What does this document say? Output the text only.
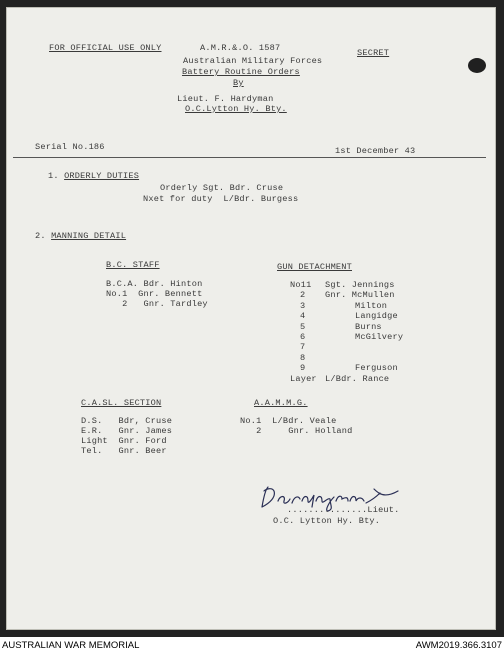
FOR OFFICIAL USE ONLY	A.M.R.&.O. 1587	SECRET
Australian Military Forces
Battery Routine Orders
By
Lieut. F. Hardyman
O.C.Lytton Hy. Bty.
Serial No.186	1st December 43
1. ORDERLY DUTIES
Orderly Sgt. Bdr. Cruse
Nxet for duty  L/Bdr. Burgess
2. MANNING DETAIL
B.C. STAFF
B.C.A. Bdr. Hinton
No.1  Gnr. Bennett
2   Gnr. Tardley
GUN DETACHMENT
No11 Sgt. Jennings
2 Gnr. McMullen
3	Milton
4	Langidge
5	Burns
6	McGilvery
7
8
9	Ferguson
Layer L/Bdr. Rance
C.A.SL. SECTION
D.S.   Bdr, Cruse
E.R.   Gnr. James
Light  Gnr. Ford
Tel.   Gnr. Beer
A.A.M.M.G.
No.1  L/Bdr. Veale
2     Gnr. Holland
...............Lieut.
O.C. Lytton Hy. Bty.
AUSTRALIAN WAR MEMORIAL	AWM2019.366.3107
